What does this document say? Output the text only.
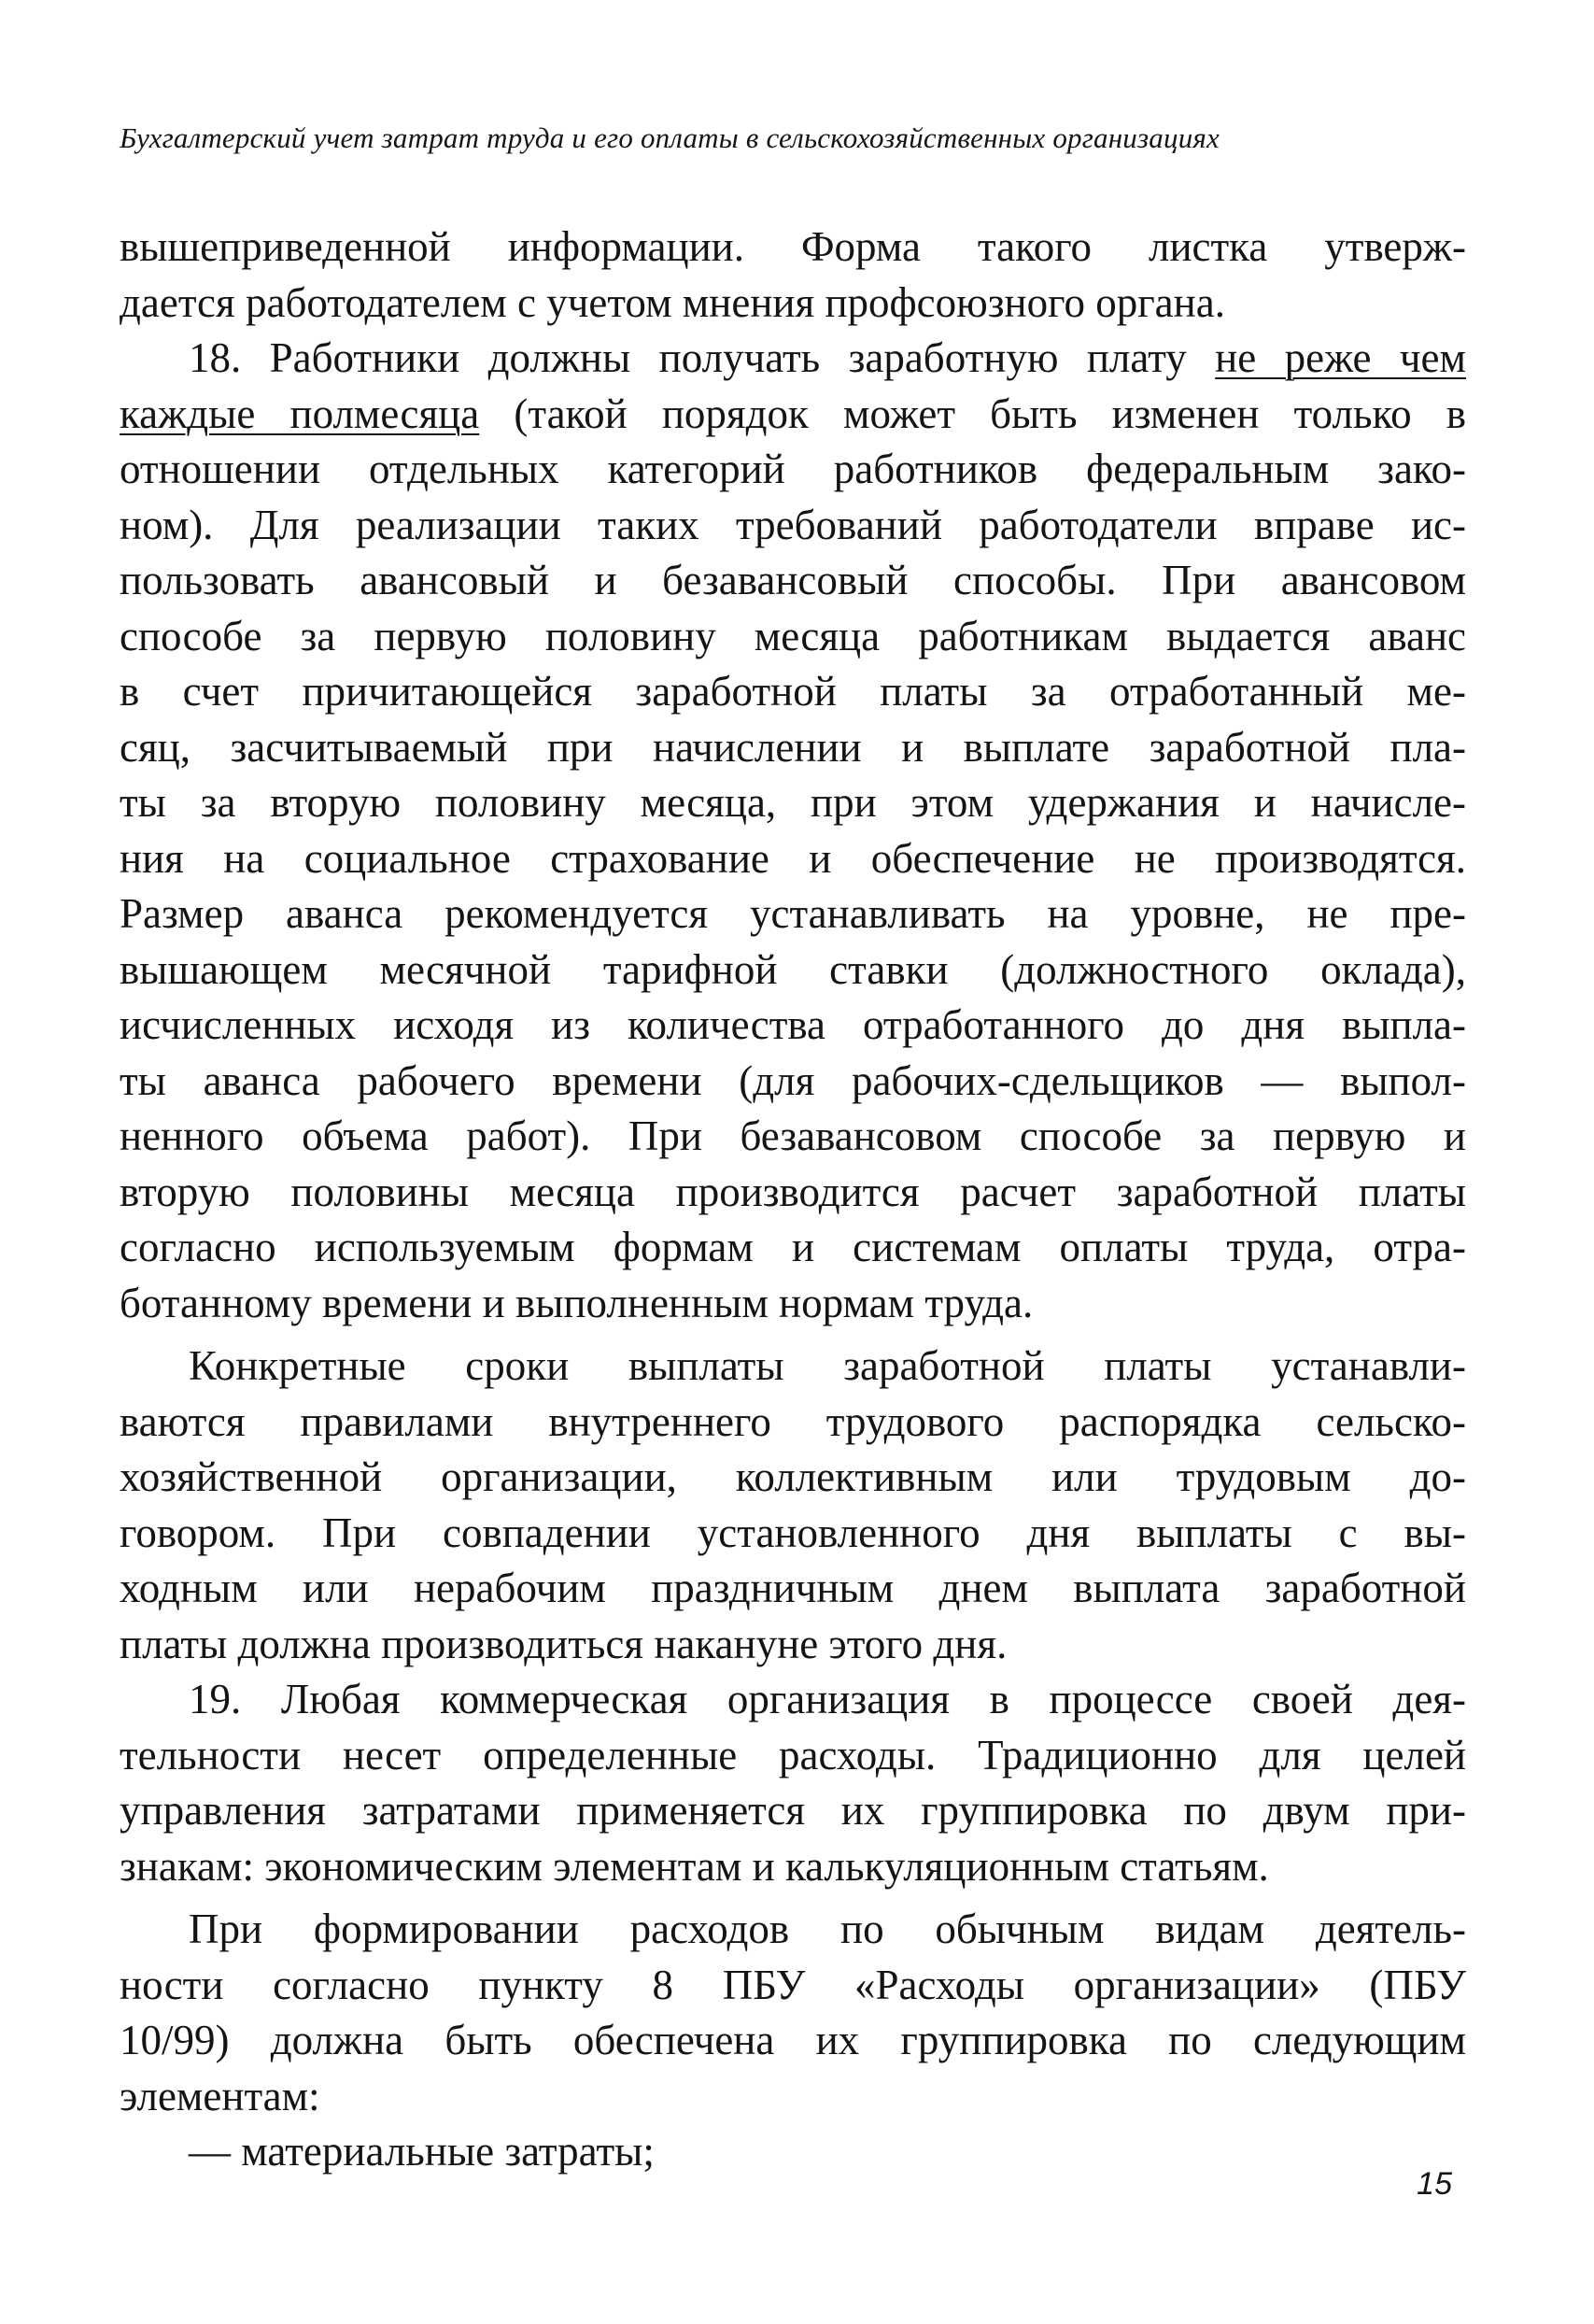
Бухгалтерский учет затрат труда и его оплаты в сельскохозяйственных организациях
вышеприведенной информации. Форма такого листка утверж-
дается работодателем с учетом мнения профсоюзного органа.
18. Работники должны получать заработную плату не реже чем
каждые полмесяца (такой порядок может быть изменен только в
отношении отдельных категорий работников федеральным зако-
ном). Для реализации таких требований работодатели вправе ис-
пользовать авансовый и безавансовый способы. При авансовом
способе за первую половину месяца работникам выдается аванс
в счет причитающейся заработной платы за отработанный ме-
сяц, засчитываемый при начислении и выплате заработной пла-
ты за вторую половину месяца, при этом удержания и начисле-
ния на социальное страхование и обеспечение не производятся.
Размер аванса рекомендуется устанавливать на уровне, не пре-
вышающем месячной тарифной ставки (должностного оклада),
исчисленных исходя из количества отработанного до дня выпла-
ты аванса рабочего времени (для рабочих-сдельщиков — выпол-
ненного объема работ). При безавансовом способе за первую и
вторую половины месяца производится расчет заработной платы
согласно используемым формам и системам оплаты труда, отра-
ботанному времени и выполненным нормам труда.
Конкретные сроки выплаты заработной платы устанавли-
ваются правилами внутреннего трудового распорядка сельско-
хозяйственной организации, коллективным или трудовым до-
говором. При совпадении установленного дня выплаты с вы-
ходным или нерабочим праздничным днем выплата заработной
платы должна производиться накануне этого дня.
19. Любая коммерческая организация в процессе своей дея-
тельности несет определенные расходы. Традиционно для целей
управления затратами применяется их группировка по двум при-
знакам: экономическим элементам и калькуляционным статьям.
При формировании расходов по обычным видам деятель-
ности согласно пункту 8 ПБУ «Расходы организации» (ПБУ
10/99) должна быть обеспечена их группировка по следующим
элементам:
— материальные затраты;
15
